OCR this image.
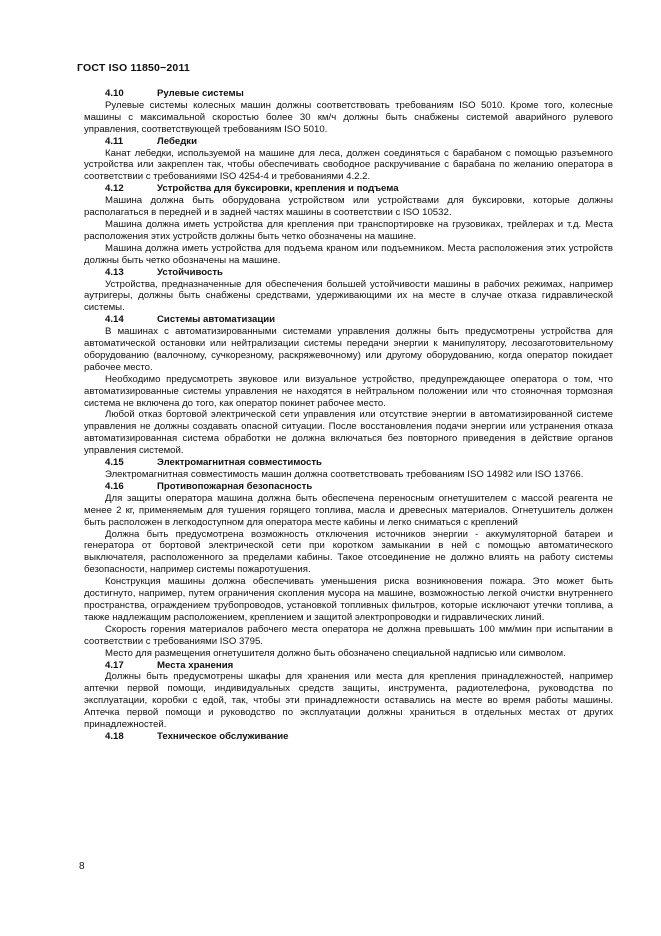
ГОСТ ISO 11850−2011
4.10	Рулевые системы

Рулевые системы колесных машин должны соответствовать требованиям ISO 5010. Кроме того, колесные машины с максимальной скоростью более 30 км/ч должны быть снабжены системой аварийного рулевого управления, соответствующей требованиям ISO 5010.

4.11	Лебедки

Канат лебедки, используемой на машине для леса, должен соединяться с барабаном с помощью разъемного устройства или закреплен так, чтобы обеспечивать свободное раскручивание с барабана по желанию оператора в соответствии с требованиями ISO 4254-4 и требованиями 4.2.2.

4.12	Устройства для буксировки, крепления и подъема

Машина должна быть оборудована устройством или устройствами для буксировки, которые должны располагаться в передней и в задней частях машины в соответствии с ISO 10532.

Машина должна иметь устройства для крепления при транспортировке на грузовиках, трейлерах и т.д. Места расположения этих устройств должны быть четко обозначены на машине.

Машина должна иметь устройства для подъема краном или подъемником. Места расположения этих устройств должны быть четко обозначены на машине.

4.13	Устойчивость

Устройства, предназначенные для обеспечения большей устойчивости машины в рабочих режимах, например аутригеры, должны быть снабжены средствами, удерживающими их на месте в случае отказа гидравлической системы.

4.14	Системы автоматизации

В машинах с автоматизированными системами управления должны быть предусмотрены устройства для автоматической остановки или нейтрализации системы передачи энергии к манипулятору, лесозаготовительному оборудованию (валочному, сучкорезному, раскряжевочному) или другому оборудованию, когда оператор покидает рабочее место.

Необходимо предусмотреть звуковое или визуальное устройство, предупреждающее оператора о том, что автоматизированные системы управления не находятся в нейтральном положении или что стояночная тормозная система не включена до того, как оператор покинет рабочее место.

Любой отказ бортовой электрической сети управления или отсутствие энергии в автоматизированной системе управления не должны создавать опасной ситуации. После восстановления подачи энергии или устранения отказа автоматизированная система обработки не должна включаться без повторного приведения в действие органов управления системой.

4.15	Электромагнитная совместимость

Электромагнитная совместимость машин должна соответствовать требованиям ISO 14982 или ISO 13766.

4.16	Противопожарная безопасность

Для защиты оператора машина должна быть обеспечена переносным огнетушителем с массой реагента не менее 2 кг, применяемым для тушения горящего топлива, масла и древесных материалов. Огнетушитель должен быть расположен в легкодоступном для оператора месте кабины и легко сниматься с креплений

Должна быть предусмотрена возможность отключения источников энергии - аккумуляторной батареи и генератора от бортовой электрической сети при коротком замыкании в ней с помощью автоматического выключателя, расположенного за пределами кабины. Такое отсоединение не должно влиять на работу системы безопасности, например системы пожаротушения.

Конструкция машины должна обеспечивать уменьшения риска возникновения пожара. Это может быть достигнуто, например, путем ограничения скопления мусора на машине, возможностью легкой очистки внутреннего пространства, ограждением трубопроводов, установкой топливных фильтров, которые исключают утечки топлива, а также надлежащим расположением, креплением и защитой электропроводки и гидравлических линий.

Скорость горения материалов рабочего места оператора не должна превышать 100 мм/мин при испытании в соответствии с требованиями ISO 3795.

Место для размещения огнетушителя должно быть обозначено специальной надписью или символом.

4.17	Места хранения

Должны быть предусмотрены шкафы для хранения или места для крепления принадлежностей, например аптечки первой помощи, индивидуальных средств защиты, инструмента, радиотелефона, руководства по эксплуатации, коробки с едой, так, чтобы эти принадлежности оставались на месте во время работы машины. Аптечка первой помощи и руководство по эксплуатации должны храниться в отдельных местах от других принадлежностей.

4.18	Техническое обслуживание
8
